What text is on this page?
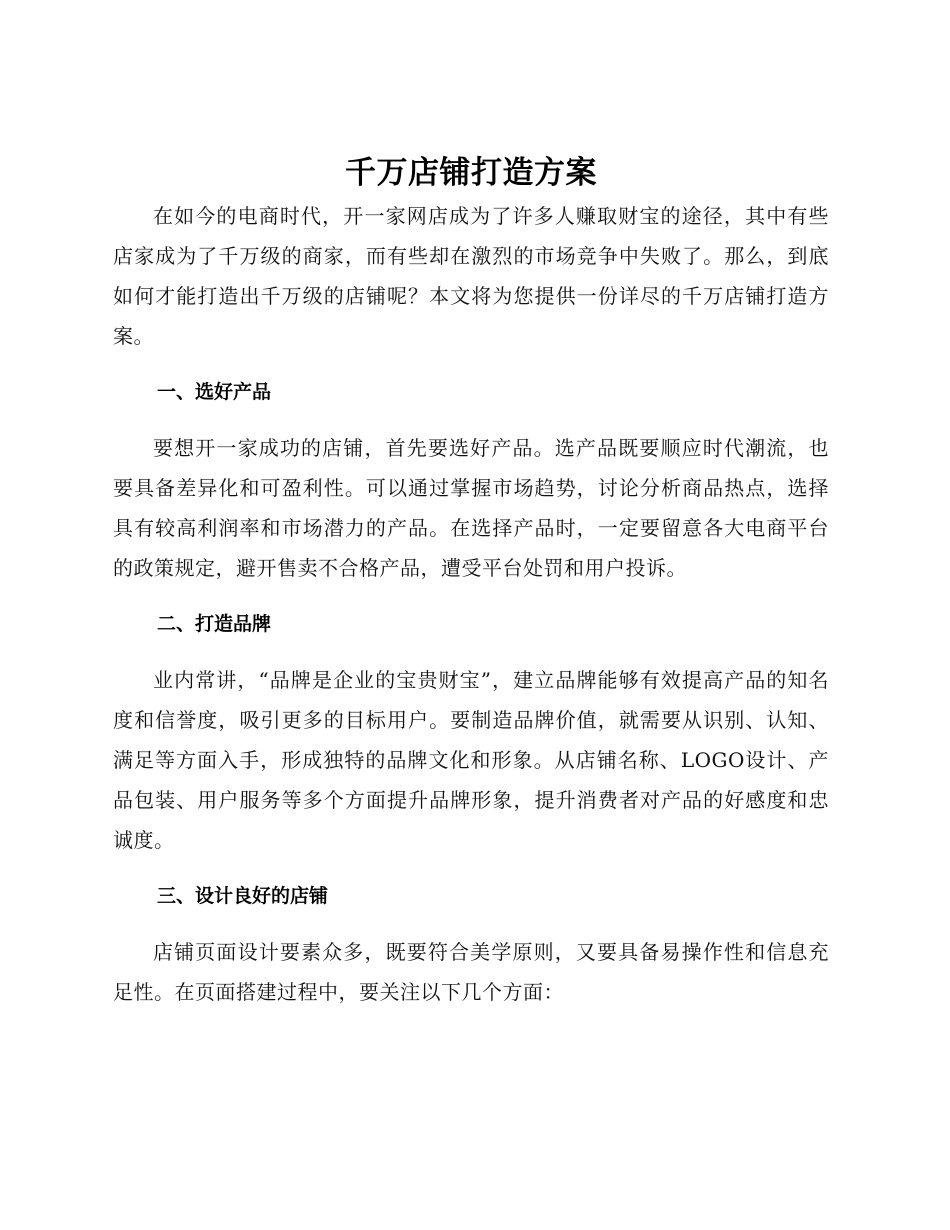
千万店铺打造方案

在如今的电商时代，开一家网店成为了许多人赚取财宝的途径，其中有些店家成为了千万级的商家，而有些却在激烈的市场竞争中失败了。那么，到底如何才能打造出千万级的店铺呢？本文将为您提供一份详尽的千万店铺打造方案。

一、选好产品

要想开一家成功的店铺，首先要选好产品。选产品既要顺应时代潮流，也要具备差异化和可盈利性。可以通过掌握市场趋势，讨论分析商品热点，选择具有较高利润率和市场潜力的产品。在选择产品时，一定要留意各大电商平台的政策规定，避开售卖不合格产品，遭受平台处罚和用户投诉。

二、打造品牌

业内常讲，“品牌是企业的宝贵财宝”，建立品牌能够有效提高产品的知名度和信誉度，吸引更多的目标用户。要制造品牌价值，就需要从识别、认知、满足等方面入手，形成独特的品牌文化和形象。从店铺名称、LOGO设计、产品包装、用户服务等多个方面提升品牌形象，提升消费者对产品的好感度和忠诚度。

三、设计良好的店铺

店铺页面设计要素众多，既要符合美学原则，又要具备易操作性和信息充足性。在页面搭建过程中，要关注以下几个方面：
